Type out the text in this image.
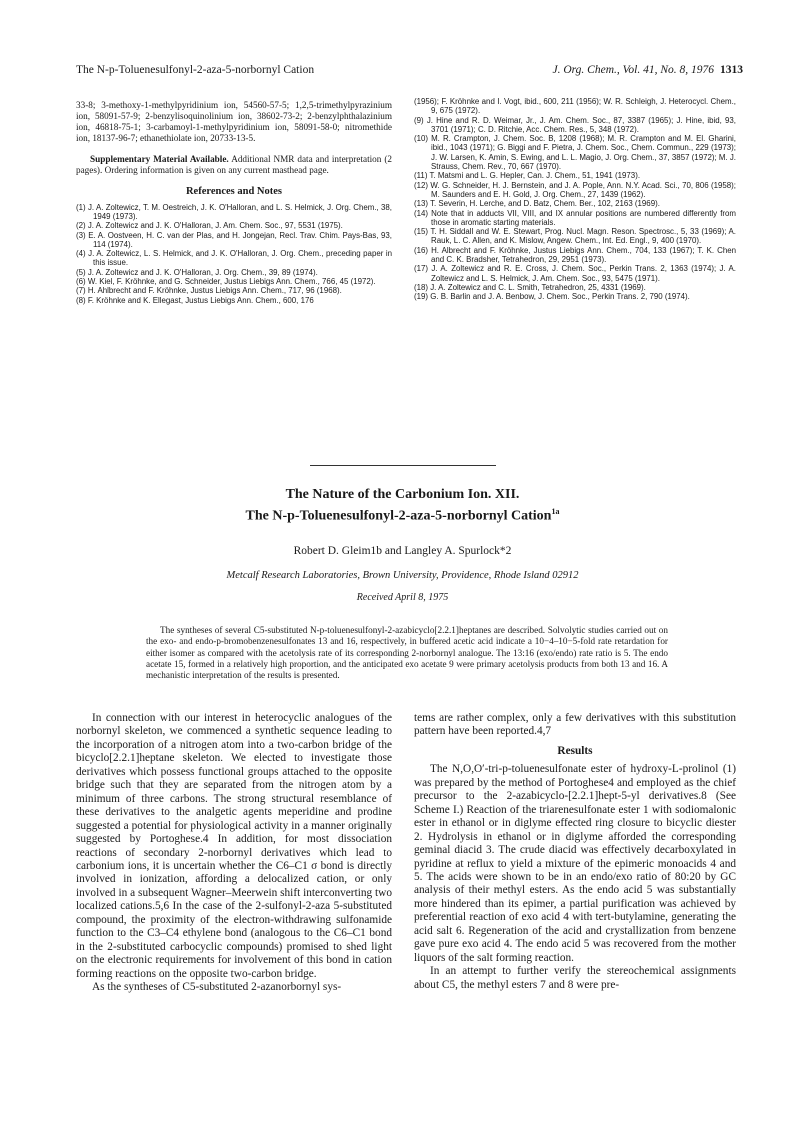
The N-p-Toluenesulfonyl-2-aza-5-norbornyl Cation	J. Org. Chem., Vol. 41, No. 8, 1976 1313

33-8; 3-methoxy-1-methylpyridinium ion, 54560-57-5; 1,2,5-trimethylpyrazinium ion, 58091-57-9; 2-benzylisoquinolinium ion, 38602-73-2; 2-benzylphthalazinium ion, 46818-75-1; 3-carbamoyl-1-methylpyridinium ion, 58091-58-0; nitromethide ion, 18137-96-7; ethanethiolate ion, 20733-13-5.

Supplementary Material Available. Additional NMR data and interpretation (2 pages). Ordering information is given on any current masthead page.

References and Notes

(1) J. A. Zoltewicz, T. M. Oestreich, J. K. O'Halloran, and L. S. Helmick, J. Org. Chem., 38, 1949 (1973).

(2) J. A. Zoltewicz and J. K. O'Halloran, J. Am. Chem. Soc., 97, 5531 (1975).

(3) E. A. Oostveen, H. C. van der Plas, and H. Jongejan, Recl. Trav. Chim. Pays-Bas, 93, 114 (1974).

(4) J. A. Zoltewicz, L. S. Helmick, and J. K. O'Halloran, J. Org. Chem., preceding paper in this issue.

(5) J. A. Zoltewicz and J. K. O'Halloran, J. Org. Chem., 39, 89 (1974).

(6) W. Kiel, F. Kröhnke, and G. Schneider, Justus Liebigs Ann. Chem., 766, 45 (1972).

(7) H. Ahlbrecht and F. Kröhnke, Justus Liebigs Ann. Chem., 717, 96 (1968).

(8) F. Kröhnke and K. Ellegast, Justus Liebigs Ann. Chem., 600, 176

(1956); F. Kröhnke and I. Vogt, ibid., 600, 211 (1956); W. R. Schleigh, J. Heterocycl. Chem., 9, 675 (1972).

(9) J. Hine and R. D. Weimar, Jr., J. Am. Chem. Soc., 87, 3387 (1965); J. Hine, ibid, 93, 3701 (1971); C. D. Ritchie, Acc. Chem. Res., 5, 348 (1972).

(10) M. R. Crampton, J. Chem. Soc. B, 1208 (1968); M. R. Crampton and M. El. Gharini, ibid., 1043 (1971); G. Biggi and F. Pietra, J. Chem. Soc., Chem. Commun., 229 (1973); J. W. Larsen, K. Amin, S. Ewing, and L. L. Magio, J. Org. Chem., 37, 3857 (1972); M. J. Strauss, Chem. Rev., 70, 667 (1970).

(11) T. Matsmi and L. G. Hepler, Can. J. Chem., 51, 1941 (1973).

(12) W. G. Schneider, H. J. Bernstein, and J. A. Pople, Ann. N.Y. Acad. Sci., 70, 806 (1958); M. Saunders and E. H. Gold, J. Org. Chem., 27, 1439 (1962).

(13) T. Severin, H. Lerche, and D. Batz, Chem. Ber., 102, 2163 (1969).

(14) Note that in adducts VII, VIII, and IX annular positions are numbered differently from those in aromatic starting materials.

(15) T. H. Siddall and W. E. Stewart, Prog. Nucl. Magn. Reson. Spectrosc., 5, 33 (1969); A. Rauk, L. C. Allen, and K. Mislow, Angew. Chem., Int. Ed. Engl., 9, 400 (1970).

(16) H. Albrecht and F. Kröhnke, Justus Liebigs Ann. Chem., 704, 133 (1967); T. K. Chen and C. K. Bradsher, Tetrahedron, 29, 2951 (1973).

(17) J. A. Zoltewicz and R. E. Cross, J. Chem. Soc., Perkin Trans. 2, 1363 (1974); J. A. Zoltewicz and L. S. Helmick, J. Am. Chem. Soc., 93, 5475 (1971).

(18) J. A. Zoltewicz and C. L. Smith, Tetrahedron, 25, 4331 (1969).

(19) G. B. Barlin and J. A. Benbow, J. Chem. Soc., Perkin Trans. 2, 790 (1974).

The Nature of the Carbonium Ion. XII.
The N-p-Toluenesulfonyl-2-aza-5-norbornyl Cation$^{1a}$
Robert D. Gleim1b and Langley A. Spurlock*2
Metcalf Research Laboratories, Brown University, Providence, Rhode Island 02912
Received April 8, 1975
The syntheses of several C5-substituted N-p-toluenesulfonyl-2-azabicyclo[2.2.1]heptanes are described. Solvolytic studies carried out on the exo- and endo-p-bromobenzenesulfonates 13 and 16, respectively, in buffered acetic acid indicate a 10−4–10−5-fold rate retardation for either isomer as compared with the acetolysis rate of its corresponding 2-norbornyl analogue. The 13:16 (exo/endo) rate ratio is 5. The endo acetate 15, formed in a relatively high proportion, and the anticipated exo acetate 9 were primary acetolysis products from both 13 and 16. A mechanistic interpretation of the results is presented.

In connection with our interest in heterocyclic analogues of the norbornyl skeleton, we commenced a synthetic sequence leading to the incorporation of a nitrogen atom into a two-carbon bridge of the bicyclo[2.2.1]heptane skeleton. We elected to investigate those derivatives which possess functional groups attached to the opposite bridge such that they are separated from the nitrogen atom by a minimum of three carbons. The strong structural resemblance of these derivatives to the analgetic agents meperidine and prodine suggested a potential for physiological activity in a manner originally suggested by Portoghese.4 In addition, for most dissociation reactions of secondary 2-norbornyl derivatives which lead to carbonium ions, it is uncertain whether the C6–C1 σ bond is directly involved in ionization, affording a delocalized cation, or only involved in a subsequent Wagner–Meerwein shift interconverting two localized cations.5,6 In the case of the 2-sulfonyl-2-aza 5-substituted compound, the proximity of the electron-withdrawing sulfonamide function to the C3–C4 ethylene bond (analogous to the C6–C1 bond in the 2-substituted carbocyclic compounds) promised to shed light on the electronic requirements for involvement of this bond in cation forming reactions on the opposite two-carbon bridge.

As the syntheses of C5-substituted 2-azanorbornyl sys-

tems are rather complex, only a few derivatives with this substitution pattern have been reported.4,7

Results

The N,O,O′-tri-p-toluenesulfonate ester of hydroxy-L-prolinol (1) was prepared by the method of Portoghese4 and employed as the chief precursor to the 2-azabicyclo-[2.2.1]hept-5-yl derivatives.8 (See Scheme I.) Reaction of the triarenesulfonate ester 1 with sodiomalonic ester in ethanol or in diglyme effected ring closure to bicyclic diester 2. Hydrolysis in ethanol or in diglyme afforded the corresponding geminal diacid 3. The crude diacid was effectively decarboxylated in pyridine at reflux to yield a mixture of the epimeric monoacids 4 and 5. The acids were shown to be in an endo/exo ratio of 80:20 by GC analysis of their methyl esters. As the endo acid 5 was substantially more hindered than its epimer, a partial purification was achieved by preferential reaction of exo acid 4 with tert-butylamine, generating the acid salt 6. Regeneration of the acid and crystallization from benzene gave pure exo acid 4. The endo acid 5 was recovered from the mother liquors of the salt forming reaction.

In an attempt to further verify the stereochemical assignments about C5, the methyl esters 7 and 8 were pre-
